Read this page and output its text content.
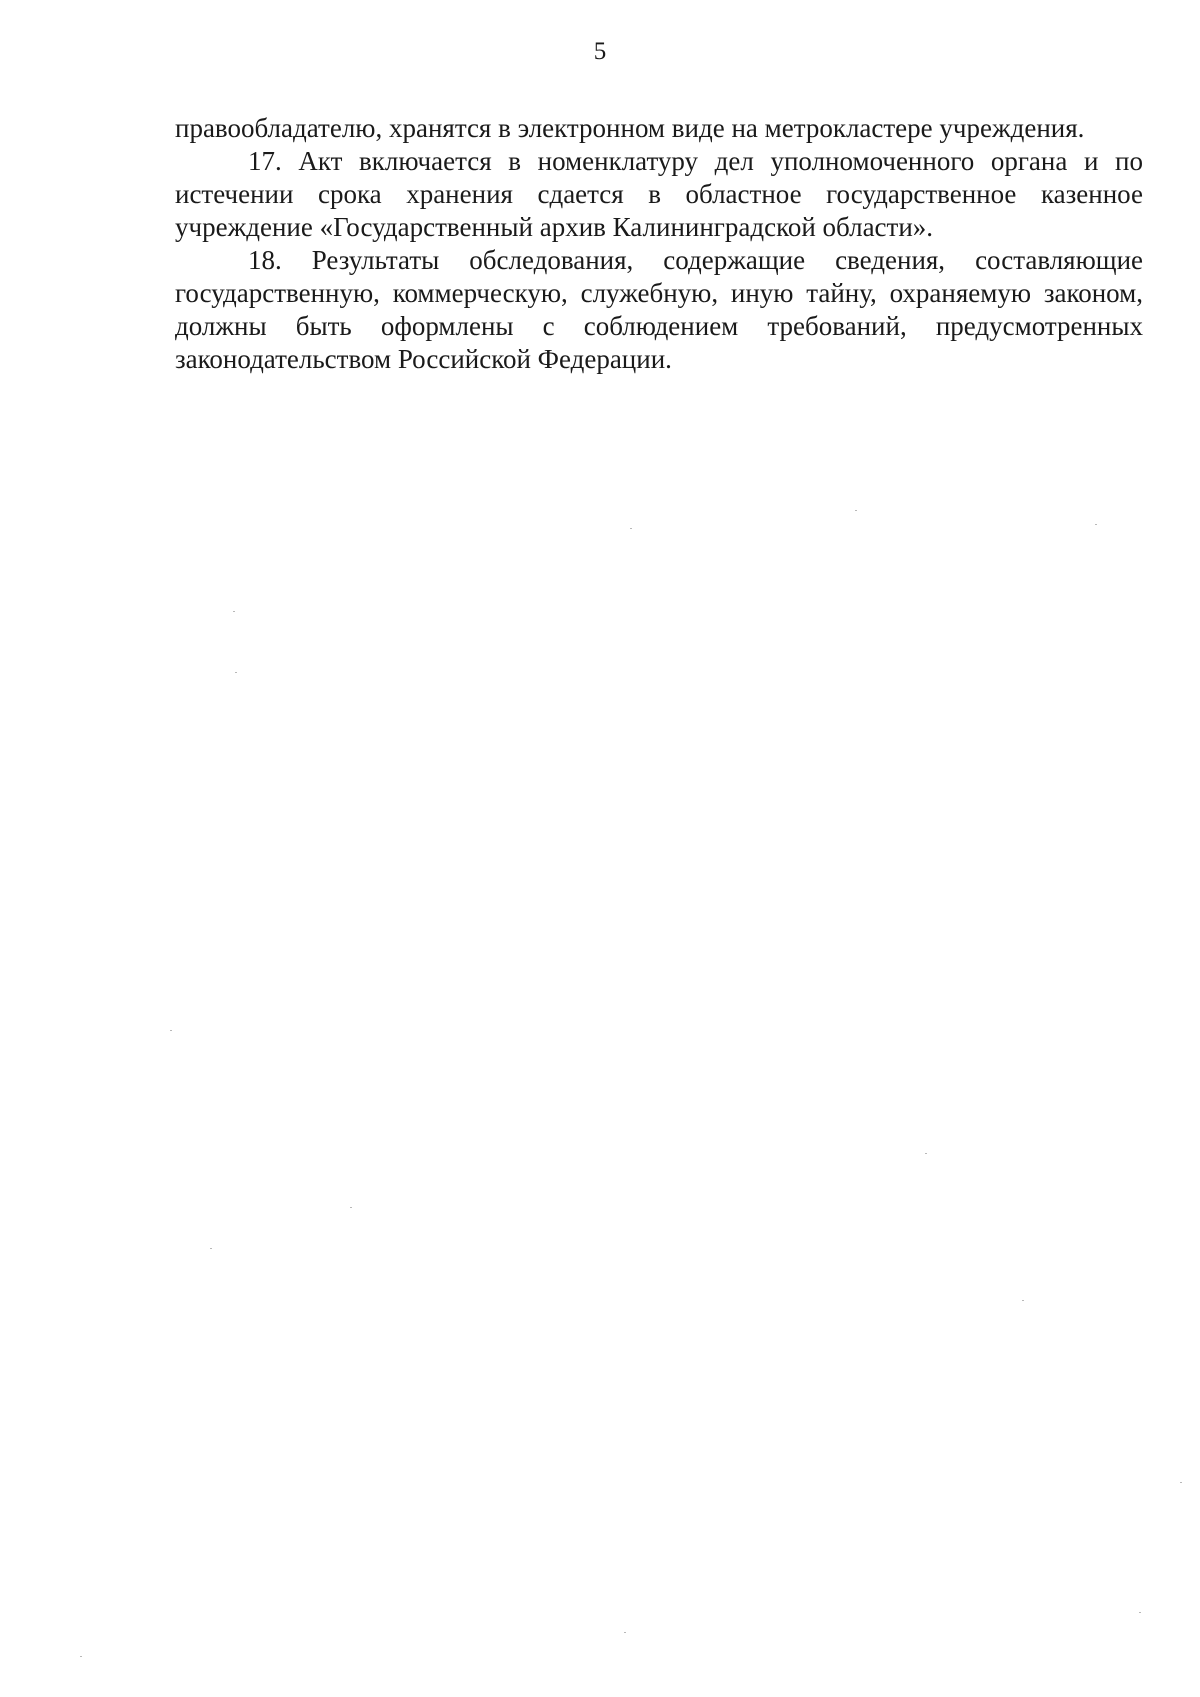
5

правообладателю, хранятся в электронном виде на метрокластере учреждения.

17. Акт включается в номенклатуру дел уполномоченного органа и по истечении срока хранения сдается в областное государственное казенное учреждение «Государственный архив Калининградской области».

18. Результаты обследования, содержащие сведения, составляющие государственную, коммерческую, служебную, иную тайну, охраняемую законом, должны быть оформлены с соблюдением требований, предусмотренных законодательством Российской Федерации.
